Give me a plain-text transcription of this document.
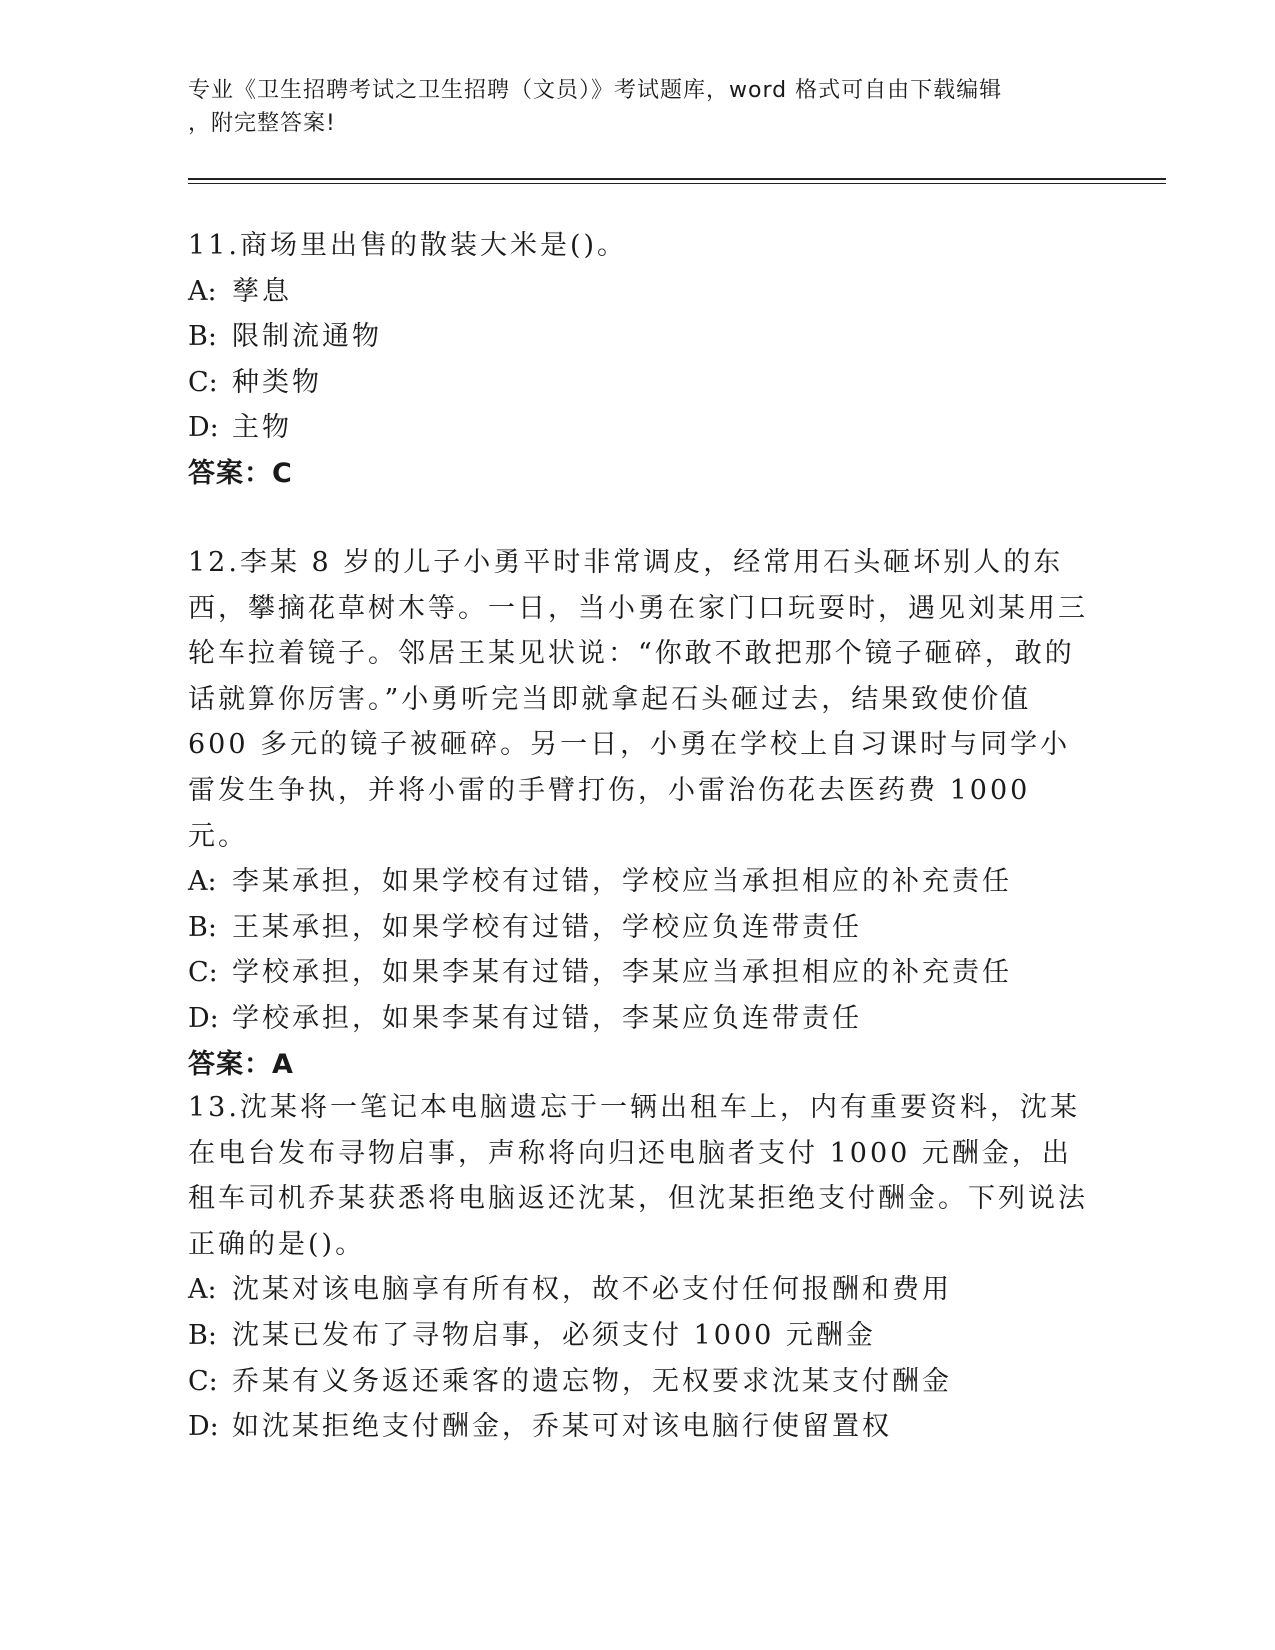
专业《卫生招聘考试之卫生招聘（文员）》考试题库，word 格式可自由下载编辑
，附完整答案!
11.商场里出售的散装大米是()。
A: 孳息
B: 限制流通物
C: 种类物
D: 主物
答案：C
12.李某 8 岁的儿子小勇平时非常调皮，经常用石头砸坏别人的东西，攀摘花草树木等。一日，当小勇在家门口玩耍时，遇见刘某用三轮车拉着镜子。邻居王某见状说：“你敢不敢把那个镜子砸碎，敢的话就算你厉害。”小勇听完当即就拿起石头砸过去，结果致使价值 600 多元的镜子被砸碎。另一日，小勇在学校上自习课时与同学小雷发生争执，并将小雷的手臂打伤，小雷治伤花去医药费 1000 元。
A: 李某承担，如果学校有过错，学校应当承担相应的补充责任
B: 王某承担，如果学校有过错，学校应负连带责任
C: 学校承担，如果李某有过错，李某应当承担相应的补充责任
D: 学校承担，如果李某有过错，李某应负连带责任
答案：A
13.沈某将一笔记本电脑遗忘于一辆出租车上，内有重要资料，沈某在电台发布寻物启事，声称将向归还电脑者支付 1000 元酬金，出租车司机乔某获悉将电脑返还沈某，但沈某拒绝支付酬金。下列说法正确的是()。
A: 沈某对该电脑享有所有权，故不必支付任何报酬和费用
B: 沈某已发布了寻物启事，必须支付 1000 元酬金
C: 乔某有义务返还乘客的遗忘物，无权要求沈某支付酬金
D: 如沈某拒绝支付酬金，乔某可对该电脑行使留置权
